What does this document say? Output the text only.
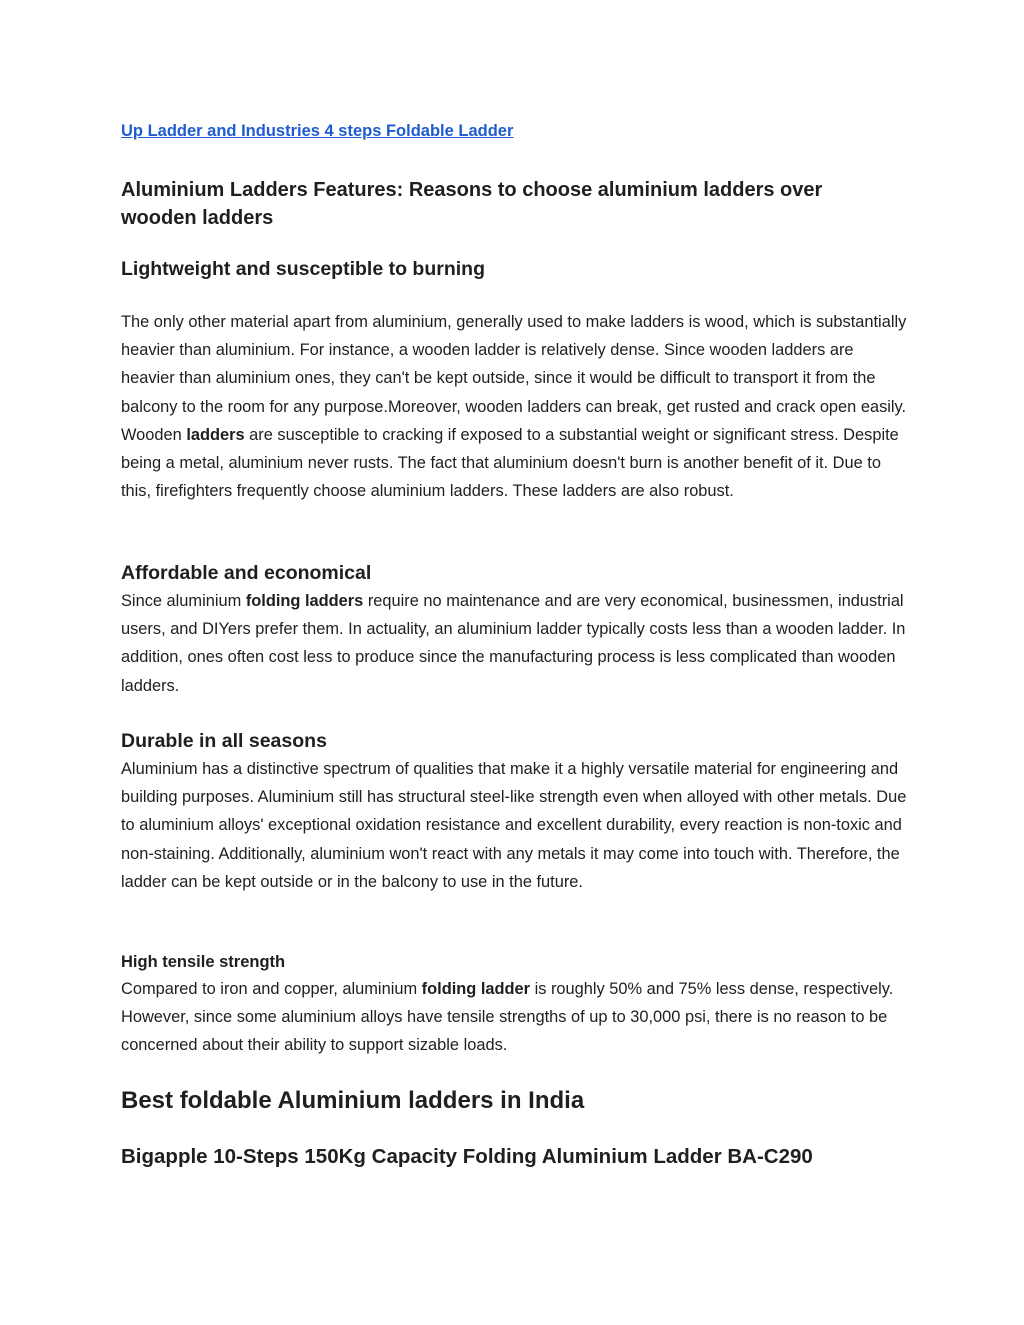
Up Ladder and Industries 4 steps Foldable Ladder
Aluminium Ladders Features: Reasons to choose aluminium ladders over wooden ladders
Lightweight and susceptible to burning

The only other material apart from aluminium, generally used to make ladders is wood, which is substantially heavier than aluminium. For instance, a wooden ladder is relatively dense. Since wooden ladders are heavier than aluminium ones, they can't be kept outside, since it would be difficult to transport it from the balcony to the room for any purpose.Moreover, wooden ladders can break, get rusted and crack open easily. Wooden ladders are susceptible to cracking if exposed to a substantial weight or significant stress. Despite being a metal, aluminium never rusts. The fact that aluminium doesn't burn is another benefit of it. Due to this, firefighters frequently choose aluminium ladders. These ladders are also robust.

Affordable and economical

Since aluminium folding ladders require no maintenance and are very economical, businessmen, industrial users, and DIYers prefer them. In actuality, an aluminium ladder typically costs less than a wooden ladder. In addition, ones often cost less to produce since the manufacturing process is less complicated than wooden ladders.

Durable in all seasons

Aluminium has a distinctive spectrum of qualities that make it a highly versatile material for engineering and building purposes. Aluminium still has structural steel-like strength even when alloyed with other metals. Due to aluminium alloys' exceptional oxidation resistance and excellent durability, every reaction is non-toxic and non-staining. Additionally, aluminium won't react with any metals it may come into touch with. Therefore, the ladder can be kept outside or in the balcony to use in the future.

High tensile strength

Compared to iron and copper, aluminium folding ladder is roughly 50% and 75% less dense, respectively. However, since some aluminium alloys have tensile strengths of up to 30,000 psi, there is no reason to be concerned about their ability to support sizable loads.

Best foldable Aluminium ladders in India
Bigapple 10-Steps 150Kg Capacity Folding Aluminium Ladder BA-C290
